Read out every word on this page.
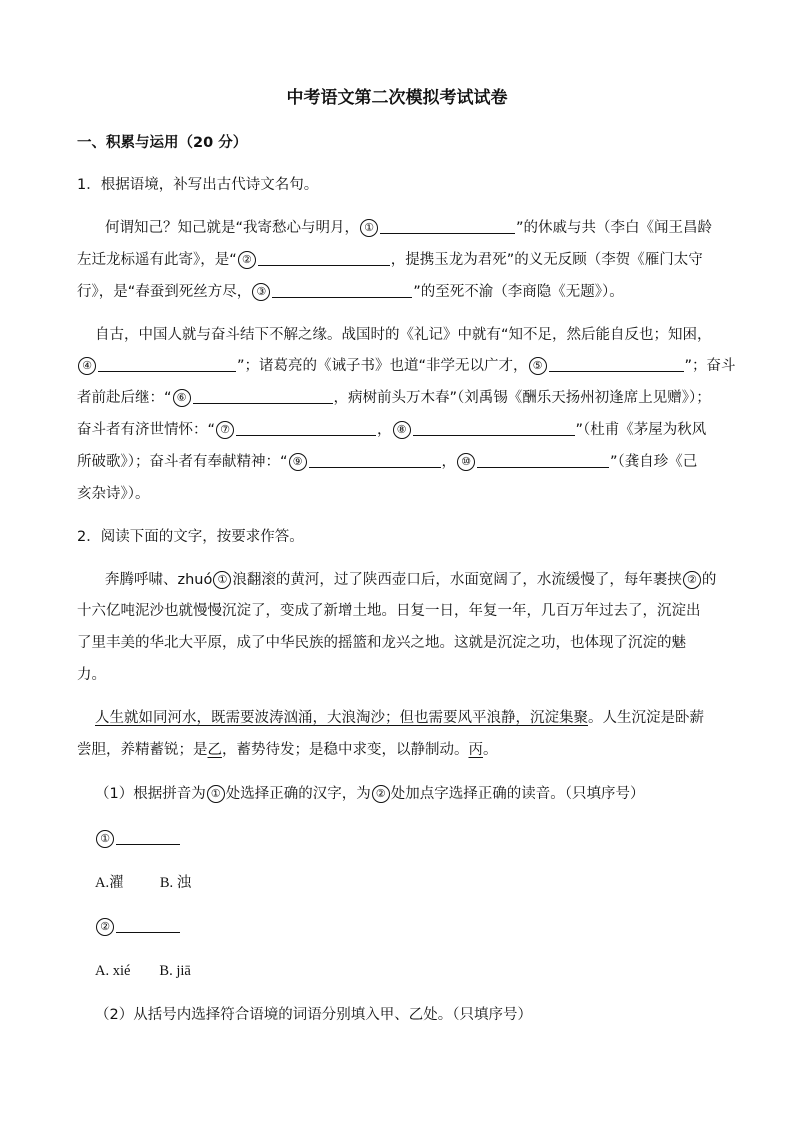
中考语文第二次模拟考试试卷
一、积累与运用（20 分）
1．根据语境，补写出古代诗文名句。
何谓知己？知己就是“我寄愁心与明月， ①	”的休戚与共（李白《闻王昌龄
左迁龙标遥有此寄》，是“ ②	，提携玉龙为君死”的义无反顾（李贺《雁门太守
行》，是“春蚕到死丝方尽， ③	”的至死不渝（李商隐《无题》）。
自古，中国人就与奋斗结下不解之缘。战国时的《礼记》中就有“知不足，然后能自反也；知困，
④	”；诸葛亮的《诫子书》也道“非学无以广才， ⑤	”；奋斗
者前赴后继：“ ⑥	，病树前头万木春”（刘禹锡《酬乐天扬州初逢席上见赠》）；
奋斗者有济世情怀：“ ⑦	， ⑧	”（杜甫《茅屋为秋风
所破歌》）；奋斗者有奉献精神：“ ⑨	， ⑩	”（龚自珍《己
亥杂诗》）。
2．阅读下面的文字，按要求作答。
奔腾呼啸、zhuó ① 浪翻滚的黄河，过了陕西壶口后，水面宽阔了，水流缓慢了，每年裹挟 ② 的
十六亿吨泥沙也就慢慢沉淀了，变成了新增土地。日复一日，年复一年，几百万年过去了，沉淀出
了里丰美的华北大平原，成了中华民族的摇篮和龙兴之地。这就是沉淀之功，也体现了沉淀的魅
力。
人生就如同河水，既需要波涛汹涌，大浪淘沙；但也需要风平浪静，沉淀集聚。人生沉淀是卧薪
尝胆，养精蓄锐；是乙，蓄势待发；是稳中求变，以静制动。丙。
（1）根据拼音为 ① 处选择正确的汉字，为 ② 处加点字选择正确的读音。（只填序号）
①
A.濯          B. 浊
②
A. xié        B. jiā
（2）从括号内选择符合语境的词语分别填入甲、乙处。（只填序号）
